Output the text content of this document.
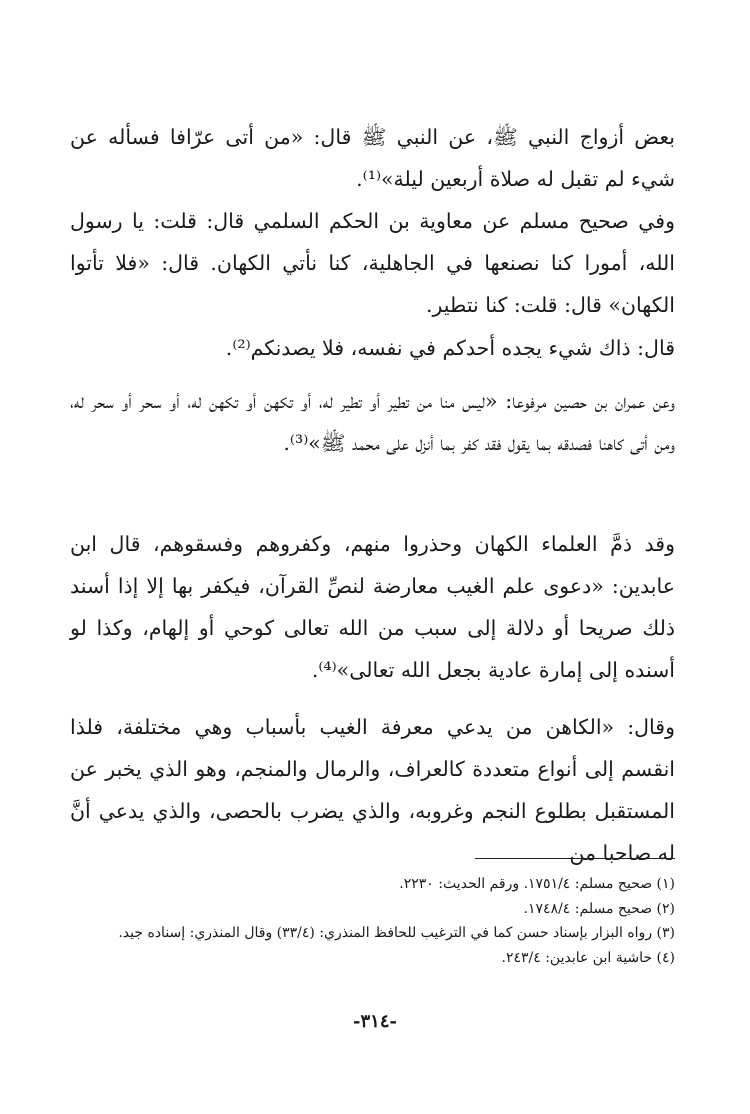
بعض أزواج النبي ﷺ، عن النبي ﷺ قال: «من أتى عرّافا فسأله عن شيء لم تقبل له صلاة أربعين ليلة»⁽¹⁾.

وفي صحيح مسلم عن معاوية بن الحكم السلمي قال: قلت: يا رسول الله، أمورا كنا نصنعها في الجاهلية، كنا نأتي الكهان. قال: «فلا تأتوا الكهان» قال: قلت: كنا نتطير.

قال: ذاك شيء يجده أحدكم في نفسه، فلا يصدنكم⁽²⁾.

وعن عمران بن حصين مرفوعا: «ليس منا من تطير أو تطير له، أو تكهن أو تكهن له، أو سحر أو سحر له، ومن أتى كاهنا فصدقه بما يقول فقد كفر بما أنزل على محمد ﷺ»⁽³⁾.

وقد ذمَّ العلماء الكهان وحذروا منهم، وكفروهم وفسقوهم، قال ابن عابدين: «دعوى علم الغيب معارضة لنصِّ القرآن، فيكفر بها إلا إذا أسند ذلك صريحا أو دلالة إلى سبب من الله تعالى كوحي أو إلهام، وكذا لو أسنده إلى إمارة عادية بجعل الله تعالى»⁽⁴⁾.

وقال: «الكاهن من يدعي معرفة الغيب بأسباب وهي مختلفة، فلذا انقسم إلى أنواع متعددة كالعراف، والرمال والمنجم، وهو الذي يخبر عن المستقبل بطلوع النجم وغروبه، والذي يضرب بالحصى، والذي يدعي أنَّ له صاحبا من

(١) صحيح مسلم: ١٧٥١/٤. ورقم الحديث: ٢٢٣٠.
(٢) صحيح مسلم: ١٧٤٨/٤.
(٣) رواه البزار بإسناد حسن كما في الترغيب للحافظ المنذري: (٣٣/٤) وقال المنذري: إسناده جيد.
(٤) حاشية ابن عابدين: ٢٤٣/٤.
-٣١٤-
